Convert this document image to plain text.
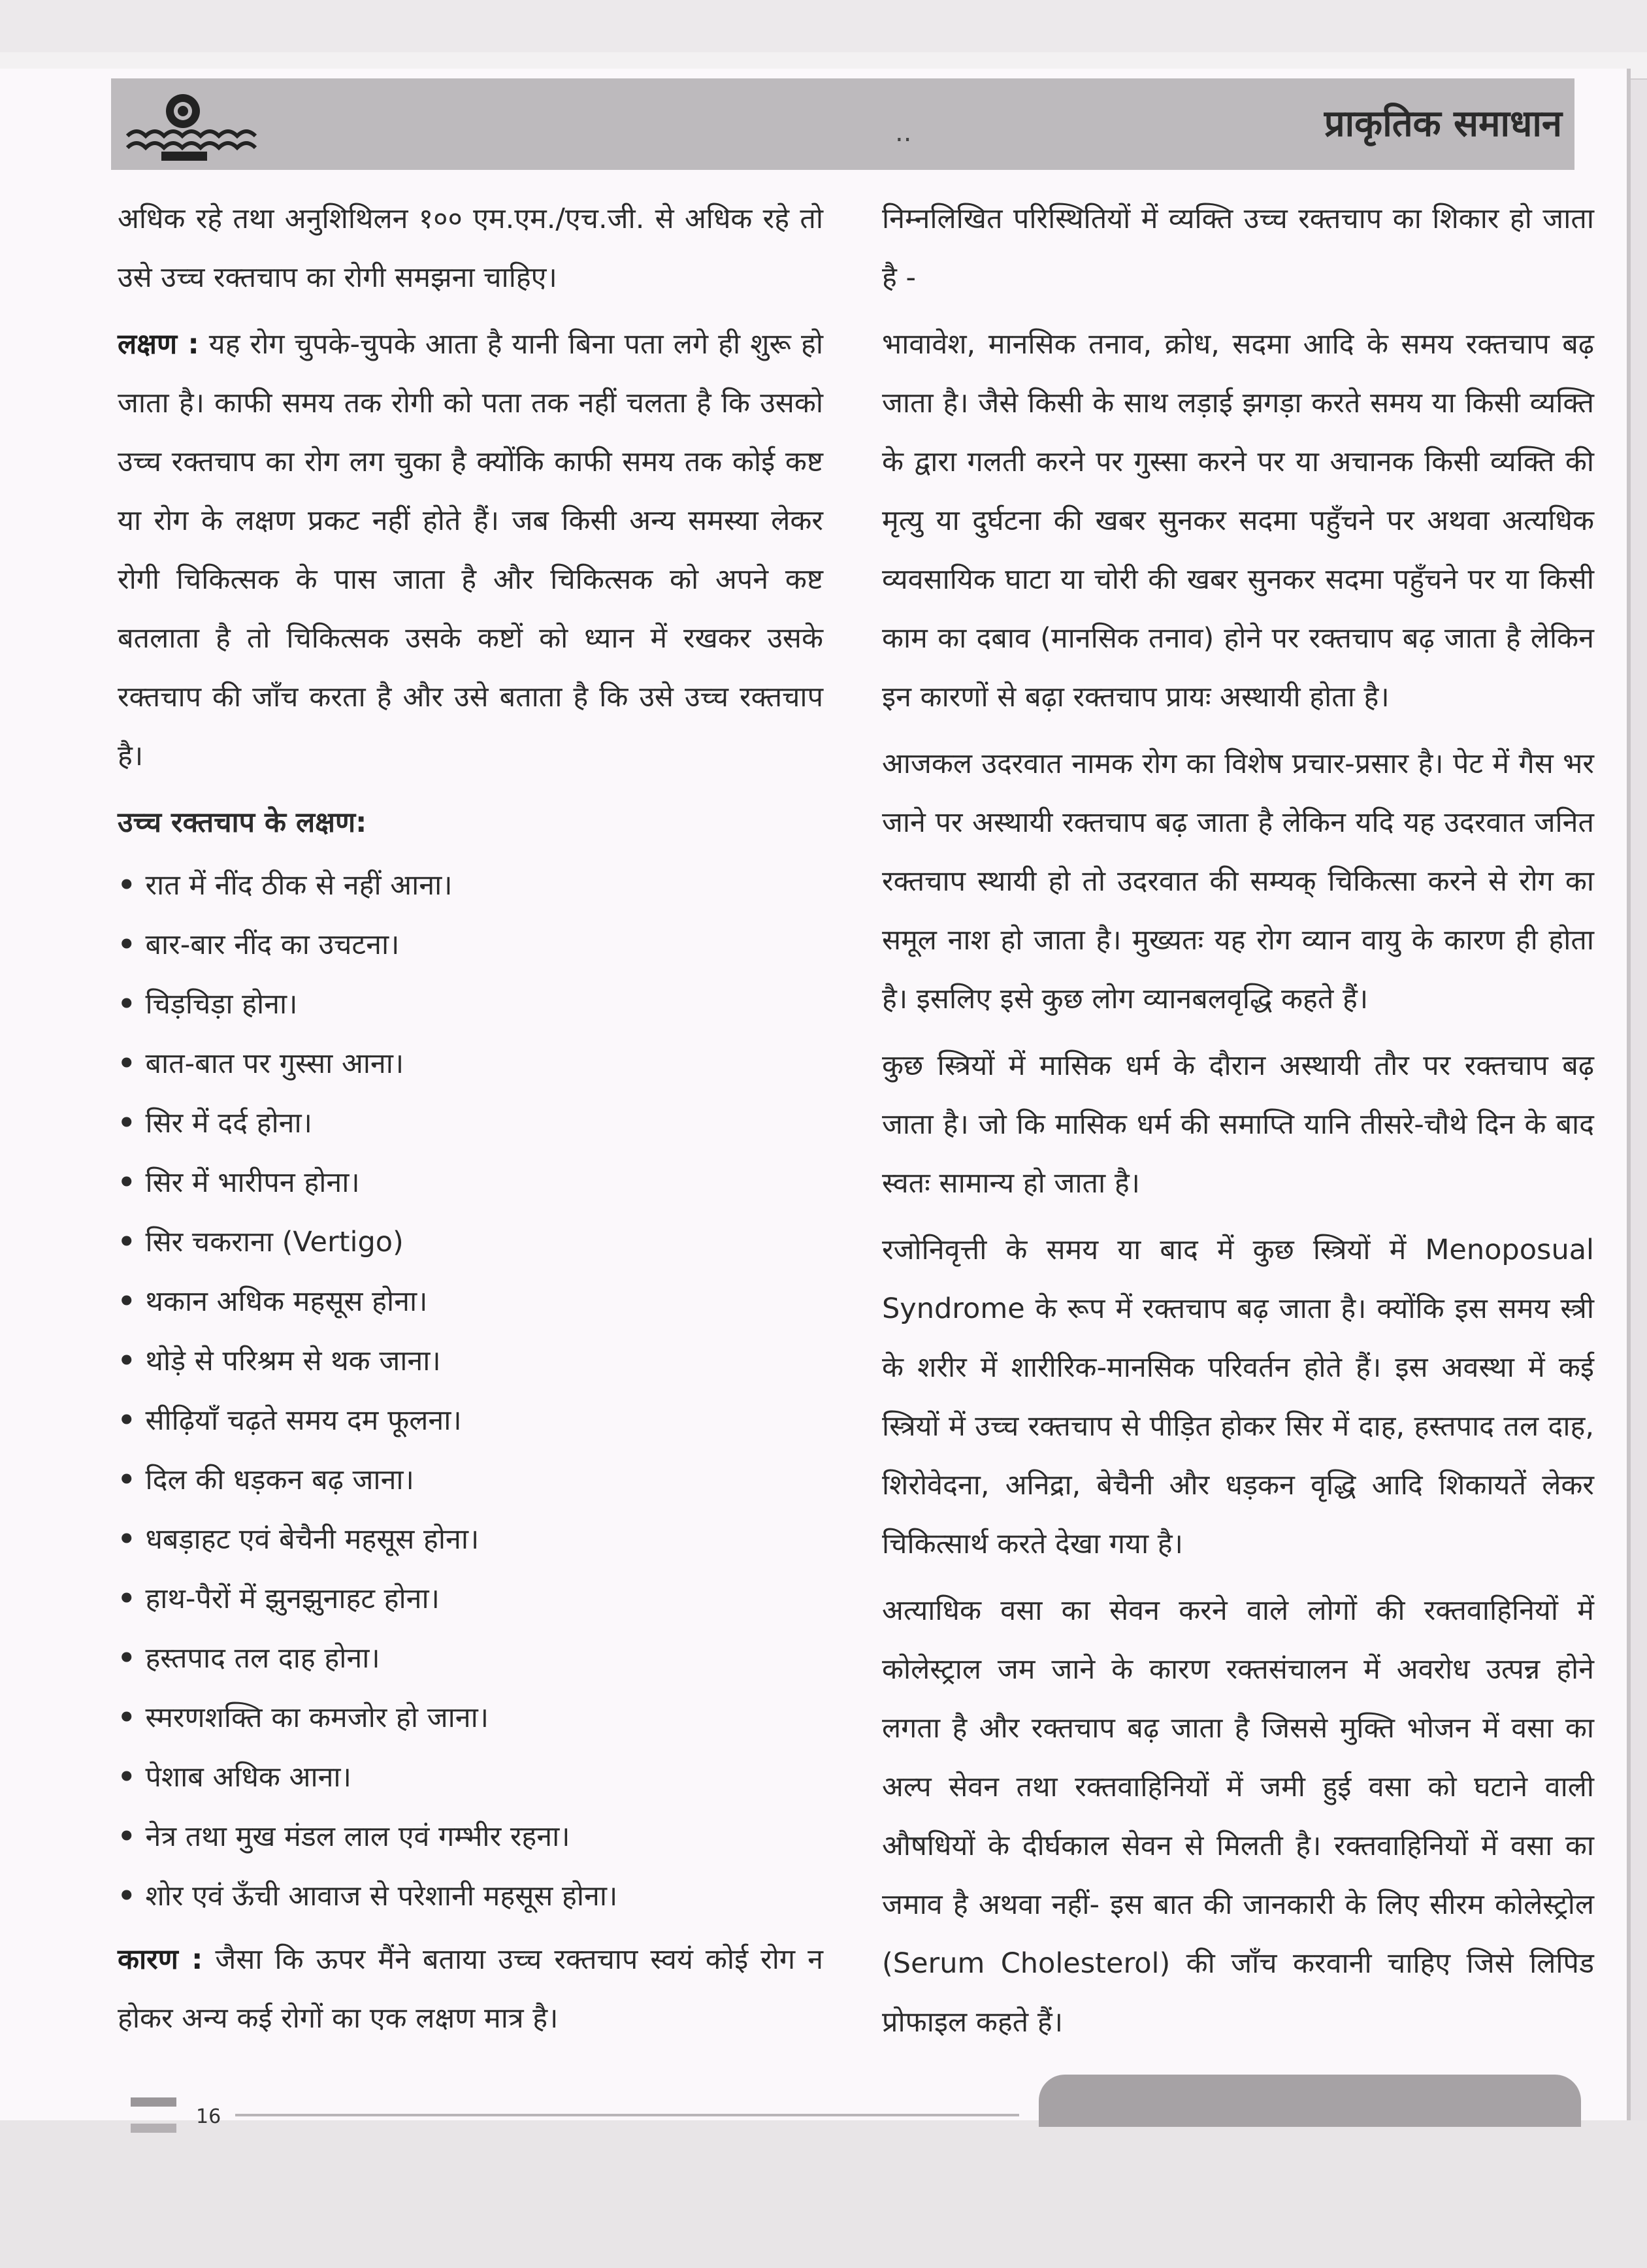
..	प्राकृतिक समाधान

अधिक रहे तथा अनुशिथिलन १०० एम.एम./एच.जी. से अधिक रहे तो उसे उच्च रक्तचाप का रोगी समझना चाहिए।

लक्षण : यह रोग चुपके-चुपके आता है यानी बिना पता लगे ही शुरू हो जाता है। काफी समय तक रोगी को पता तक नहीं चलता है कि उसको उच्च रक्तचाप का रोग लग चुका है क्योंकि काफी समय तक कोई कष्ट या रोग के लक्षण प्रकट नहीं होते हैं। जब किसी अन्य समस्या लेकर रोगी चिकित्सक के पास जाता है और चिकित्सक को अपने कष्ट बतलाता है तो चिकित्सक उसके कष्टों को ध्यान में रखकर उसके रक्तचाप की जाँच करता है और उसे बताता है कि उसे उच्च रक्तचाप है।

उच्च रक्तचाप के लक्षण:
• रात में नींद ठीक से नहीं आना।
• बार-बार नींद का उचटना।
• चिड़चिड़ा होना।
• बात-बात पर गुस्सा आना।
• सिर में दर्द होना।
• सिर में भारीपन होना।
• सिर चकराना (Vertigo)
• थकान अधिक महसूस होना।
• थोड़े से परिश्रम से थक जाना।
• सीढ़ियाँ चढ़ते समय दम फूलना।
• दिल की धड़कन बढ़ जाना।
• धबड़ाहट एवं बेचैनी महसूस होना।
• हाथ-पैरों में झुनझुनाहट होना।
• हस्तपाद तल दाह होना।
• स्मरणशक्ति का कमजोर हो जाना।
• पेशाब अधिक आना।
• नेत्र तथा मुख मंडल लाल एवं गम्भीर रहना।
• शोर एवं ऊँची आवाज से परेशानी महसूस होना।

कारण : जैसा कि ऊपर मैंने बताया उच्च रक्तचाप स्वयं कोई रोग न होकर अन्य कई रोगों का एक लक्षण मात्र है।

निम्नलिखित परिस्थितियों में व्यक्ति उच्च रक्तचाप का शिकार हो जाता है -

भावावेश, मानसिक तनाव, क्रोध, सदमा आदि के समय रक्तचाप बढ़ जाता है। जैसे किसी के साथ लड़ाई झगड़ा करते समय या किसी व्यक्ति के द्वारा गलती करने पर गुस्सा करने पर या अचानक किसी व्यक्ति की मृत्यु या दुर्घटना की खबर सुनकर सदमा पहुँचने पर अथवा अत्यधिक व्यवसायिक घाटा या चोरी की खबर सुनकर सदमा पहुँचने पर या किसी काम का दबाव (मानसिक तनाव) होने पर रक्तचाप बढ़ जाता है लेकिन इन कारणों से बढ़ा रक्तचाप प्रायः अस्थायी होता है।

आजकल उदरवात नामक रोग का विशेष प्रचार-प्रसार है। पेट में गैस भर जाने पर अस्थायी रक्तचाप बढ़ जाता है लेकिन यदि यह उदरवात जनित रक्तचाप स्थायी हो तो उदरवात की सम्यक् चिकित्सा करने से रोग का समूल नाश हो जाता है। मुख्यतः यह रोग व्यान वायु के कारण ही होता है। इसलिए इसे कुछ लोग व्यानबलवृद्धि कहते हैं।

कुछ स्त्रियों में मासिक धर्म के दौरान अस्थायी तौर पर रक्तचाप बढ़ जाता है। जो कि मासिक धर्म की समाप्ति यानि तीसरे-चौथे दिन के बाद स्वतः सामान्य हो जाता है।

रजोनिवृत्ती के समय या बाद में कुछ स्त्रियों में Menoposual Syndrome के रूप में रक्तचाप बढ़ जाता है। क्योंकि इस समय स्त्री के शरीर में शारीरिक-मानसिक परिवर्तन होते हैं। इस अवस्था में कई स्त्रियों में उच्च रक्तचाप से पीड़ित होकर सिर में दाह, हस्तपाद तल दाह, शिरोवेदना, अनिद्रा, बेचैनी और धड़कन वृद्धि आदि शिकायतें लेकर चिकित्सार्थ करते देखा गया है।

अत्याधिक वसा का सेवन करने वाले लोगों की रक्तवाहिनियों में कोलेस्ट्राल जम जाने के कारण रक्तसंचालन में अवरोध उत्पन्न होने लगता है और रक्तचाप बढ़ जाता है जिससे मुक्ति भोजन में वसा का अल्प सेवन तथा रक्तवाहिनियों में जमी हुई वसा को घटाने वाली औषधियों के दीर्घकाल सेवन से मिलती है। रक्तवाहिनियों में वसा का जमाव है अथवा नहीं- इस बात की जानकारी के लिए सीरम कोलेस्ट्रोल (Serum Cholesterol) की जाँच करवानी चाहिए जिसे लिपिड प्रोफाइल कहते हैं।

16
